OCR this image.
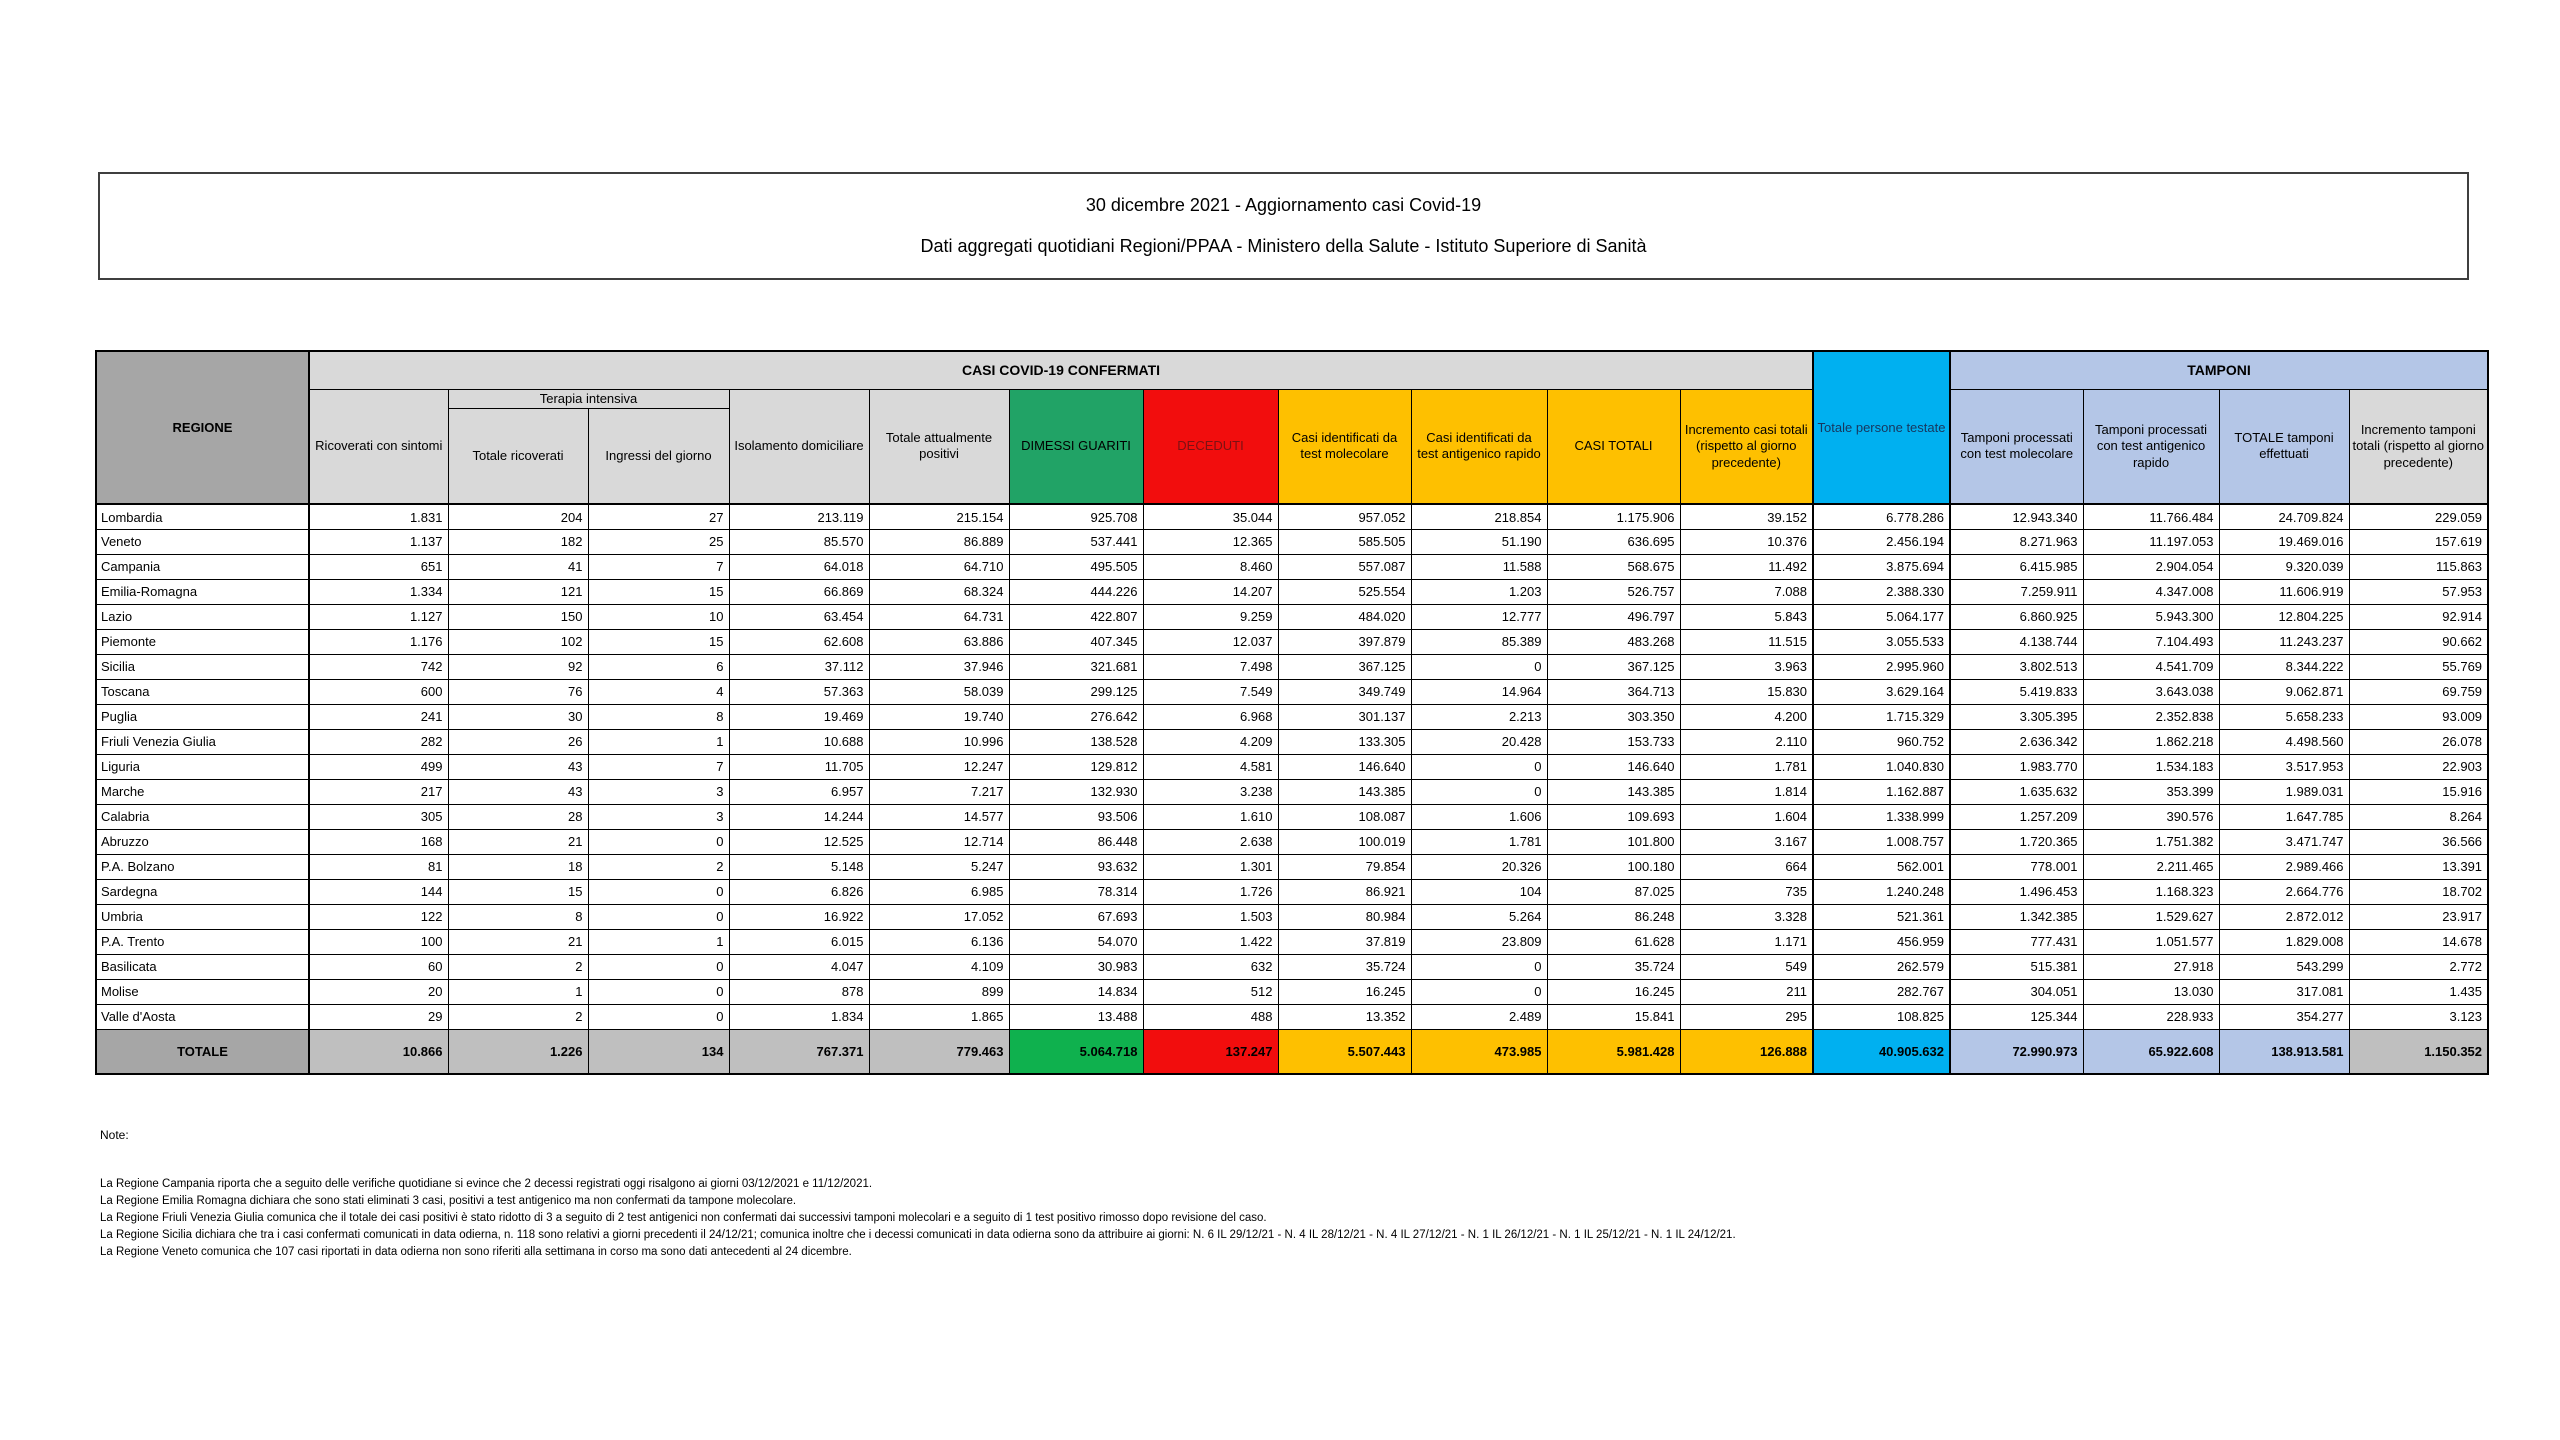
30 dicembre 2021 - Aggiornamento casi Covid-19
Dati aggregati quotidiani Regioni/PPAA - Ministero della Salute - Istituto Superiore di Sanità
REGIONE	CASI COVID-19 CONFERMATI											Totale persone testate	TAMPONI			
	Ricoverati con sintomi	Terapia intensiva		Isolamento domiciliare	Totale attualmente positivi	DIMESSI GUARITI	DECEDUTI	Casi identificati da test molecolare	Casi identificati da test antigenico rapido	CASI TOTALI	Incremento casi totali (rispetto al giorno precedente)		Tamponi processati con test molecolare	Tamponi processati con test antigenico rapido	TOTALE tamponi effettuati	Incremento tamponi totali (rispetto al giorno precedente)
		Totale ricoverati	Ingressi del giorno													
Lombardia	1.831	204	27	213.119	215.154	925.708	35.044	957.052	218.854	1.175.906	39.152	6.778.286	12.943.340	11.766.484	24.709.824	229.059
Veneto	1.137	182	25	85.570	86.889	537.441	12.365	585.505	51.190	636.695	10.376	2.456.194	8.271.963	11.197.053	19.469.016	157.619
Campania	651	41	7	64.018	64.710	495.505	8.460	557.087	11.588	568.675	11.492	3.875.694	6.415.985	2.904.054	9.320.039	115.863
Emilia-Romagna	1.334	121	15	66.869	68.324	444.226	14.207	525.554	1.203	526.757	7.088	2.388.330	7.259.911	4.347.008	11.606.919	57.953
Lazio	1.127	150	10	63.454	64.731	422.807	9.259	484.020	12.777	496.797	5.843	5.064.177	6.860.925	5.943.300	12.804.225	92.914
Piemonte	1.176	102	15	62.608	63.886	407.345	12.037	397.879	85.389	483.268	11.515	3.055.533	4.138.744	7.104.493	11.243.237	90.662
Sicilia	742	92	6	37.112	37.946	321.681	7.498	367.125	0	367.125	3.963	2.995.960	3.802.513	4.541.709	8.344.222	55.769
Toscana	600	76	4	57.363	58.039	299.125	7.549	349.749	14.964	364.713	15.830	3.629.164	5.419.833	3.643.038	9.062.871	69.759
Puglia	241	30	8	19.469	19.740	276.642	6.968	301.137	2.213	303.350	4.200	1.715.329	3.305.395	2.352.838	5.658.233	93.009
Friuli Venezia Giulia	282	26	1	10.688	10.996	138.528	4.209	133.305	20.428	153.733	2.110	960.752	2.636.342	1.862.218	4.498.560	26.078
Liguria	499	43	7	11.705	12.247	129.812	4.581	146.640	0	146.640	1.781	1.040.830	1.983.770	1.534.183	3.517.953	22.903
Marche	217	43	3	6.957	7.217	132.930	3.238	143.385	0	143.385	1.814	1.162.887	1.635.632	353.399	1.989.031	15.916
Calabria	305	28	3	14.244	14.577	93.506	1.610	108.087	1.606	109.693	1.604	1.338.999	1.257.209	390.576	1.647.785	8.264
Abruzzo	168	21	0	12.525	12.714	86.448	2.638	100.019	1.781	101.800	3.167	1.008.757	1.720.365	1.751.382	3.471.747	36.566
P.A. Bolzano	81	18	2	5.148	5.247	93.632	1.301	79.854	20.326	100.180	664	562.001	778.001	2.211.465	2.989.466	13.391
Sardegna	144	15	0	6.826	6.985	78.314	1.726	86.921	104	87.025	735	1.240.248	1.496.453	1.168.323	2.664.776	18.702
Umbria	122	8	0	16.922	17.052	67.693	1.503	80.984	5.264	86.248	3.328	521.361	1.342.385	1.529.627	2.872.012	23.917
P.A. Trento	100	21	1	6.015	6.136	54.070	1.422	37.819	23.809	61.628	1.171	456.959	777.431	1.051.577	1.829.008	14.678
Basilicata	60	2	0	4.047	4.109	30.983	632	35.724	0	35.724	549	262.579	515.381	27.918	543.299	2.772
Molise	20	1	0	878	899	14.834	512	16.245	0	16.245	211	282.767	304.051	13.030	317.081	1.435
Valle d'Aosta	29	2	0	1.834	1.865	13.488	488	13.352	2.489	15.841	295	108.825	125.344	228.933	354.277	3.123
TOTALE	10.866	1.226	134	767.371	779.463	5.064.718	137.247	5.507.443	473.985	5.981.428	126.888	40.905.632	72.990.973	65.922.608	138.913.581	1.150.352
Note:
La Regione Campania riporta che a seguito delle verifiche quotidiane si evince che 2 decessi registrati oggi risalgono ai giorni 03/12/2021 e 11/12/2021.
La Regione Emilia Romagna dichiara che sono stati eliminati 3 casi, positivi a test antigenico ma non confermati da tampone molecolare.
La Regione Friuli Venezia Giulia comunica che il totale dei casi positivi è stato ridotto di 3 a seguito di 2 test antigenici non confermati dai successivi tamponi molecolari e a seguito di 1 test positivo rimosso dopo revisione del caso.
La Regione Sicilia dichiara che tra i casi confermati comunicati in data odierna, n. 118 sono relativi a giorni precedenti il 24/12/21; comunica inoltre che i decessi comunicati in data odierna sono da attribuire ai giorni: N. 6 IL 29/12/21 - N. 4 IL 28/12/21 - N. 4 IL 27/12/21 - N. 1 IL 26/12/21 - N. 1 IL 25/12/21 - N. 1 IL 24/12/21.
La Regione Veneto comunica che 107 casi riportati in data odierna non sono riferiti alla settimana in corso ma sono dati antecedenti al 24 dicembre.
